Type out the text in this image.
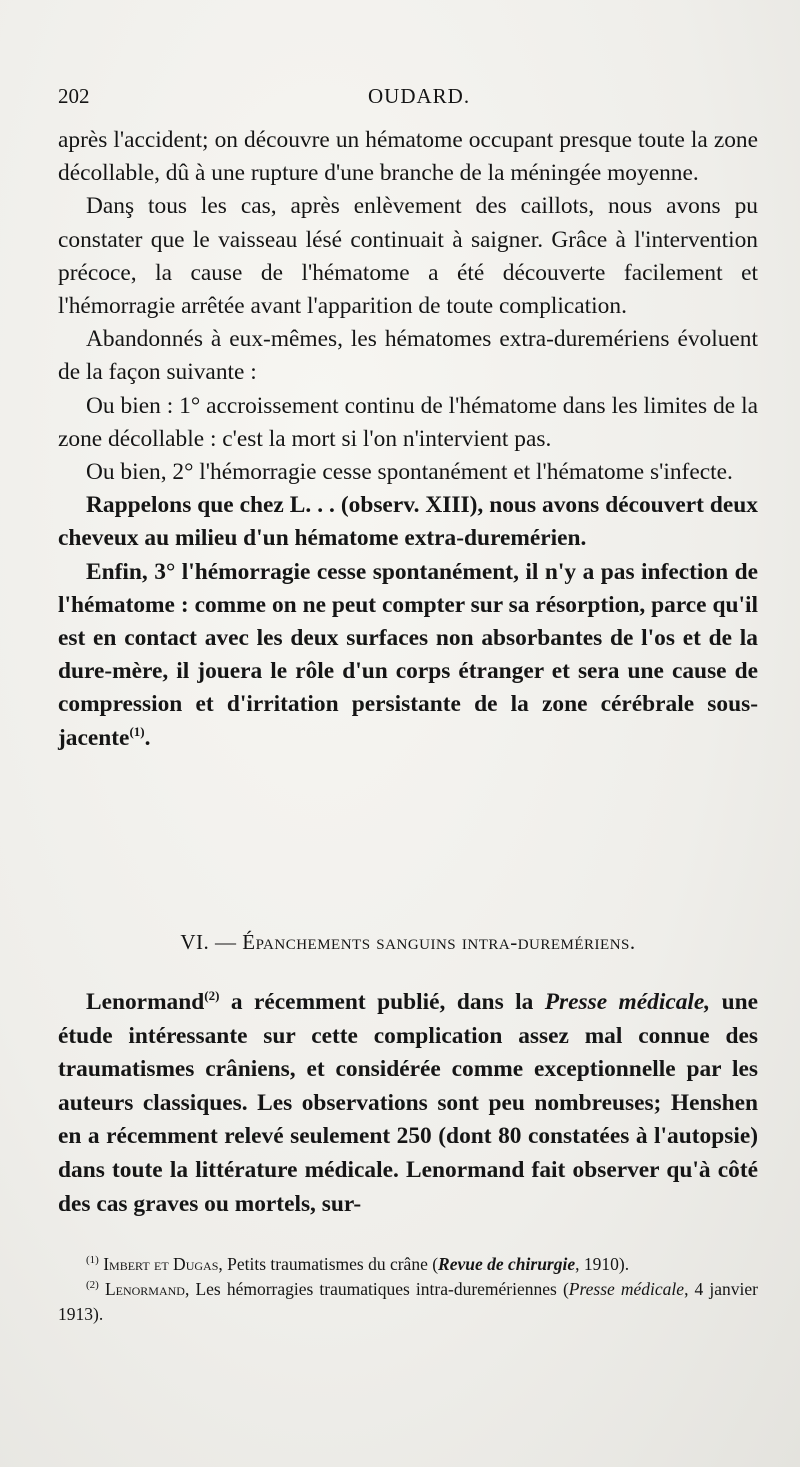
202	OUDARD.

après l'accident; on découvre un hématome occupant presque toute la zone décollable, dû à une rupture d'une branche de la méningée moyenne.

Danş tous les cas, après enlèvement des caillots, nous avons pu constater que le vaisseau lésé continuait à saigner. Grâce à l'intervention précoce, la cause de l'hématome a été découverte facilement et l'hémorragie arrêtée avant l'apparition de toute complication.

Abandonnés à eux-mêmes, les hématomes extra-duremériens évoluent de la façon suivante :

Ou bien : 1° accroissement continu de l'hématome dans les limites de la zone décollable : c'est la mort si l'on n'intervient pas.

Ou bien, 2° l'hémorragie cesse spontanément et l'hématome s'infecte.

Rappelons que chez L. . . (observ. XIII), nous avons découvert deux cheveux au milieu d'un hématome extra-duremérien.

Enfin, 3° l'hémorragie cesse spontanément, il n'y a pas infection de l'hématome : comme on ne peut compter sur sa résorption, parce qu'il est en contact avec les deux surfaces non absorbantes de l'os et de la dure-mère, il jouera le rôle d'un corps étranger et sera une cause de compression et d'irritation persistante de la zone cérébrale sous-jacente$^{(1)}$.

VI. — Épanchements sanguins intra-duremériens.

Lenormand$^{(2)}$ a récemment publié, dans la Presse médicale, une étude intéressante sur cette complication assez mal connue des traumatismes crâniens, et considérée comme exceptionnelle par les auteurs classiques. Les observations sont peu nombreuses; Henshen en a récemment relevé seulement 250 (dont 80 constatées à l'autopsie) dans toute la littérature médicale. Lenormand fait observer qu'à côté des cas graves ou mortels, sur-

$^{(1)}$ Imbert et Dugas, Petits traumatismes du crâne (Revue de chirurgie, 1910).

$^{(2)}$ Lenormand, Les hémorragies traumatiques intra-duremériennes (Presse médicale, 4 janvier 1913).
